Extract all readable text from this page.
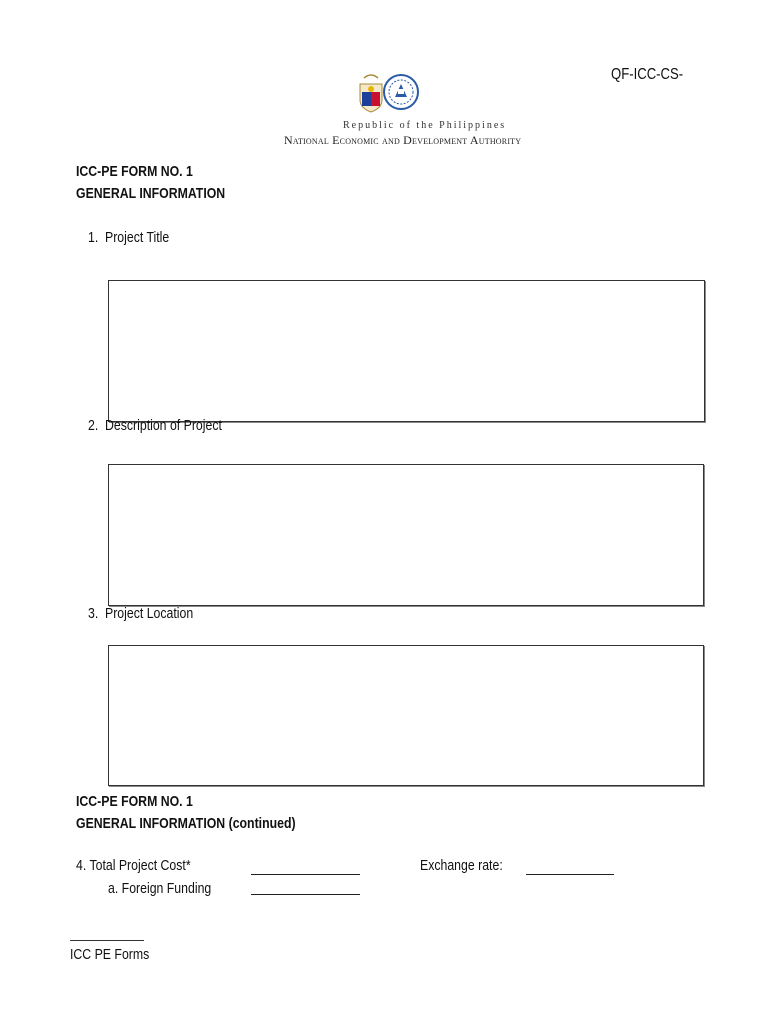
QF-ICC-CS-
Republic of the Philippines
National Economic and Development Authority
ICC-PE FORM NO. 1
GENERAL INFORMATION
1. Project Title
2. Description of Project
3. Project Location
ICC-PE FORM NO. 1
GENERAL INFORMATION (continued)
4. Total Project Cost*	Exchange rate:
a. Foreign Funding
ICC PE Forms
